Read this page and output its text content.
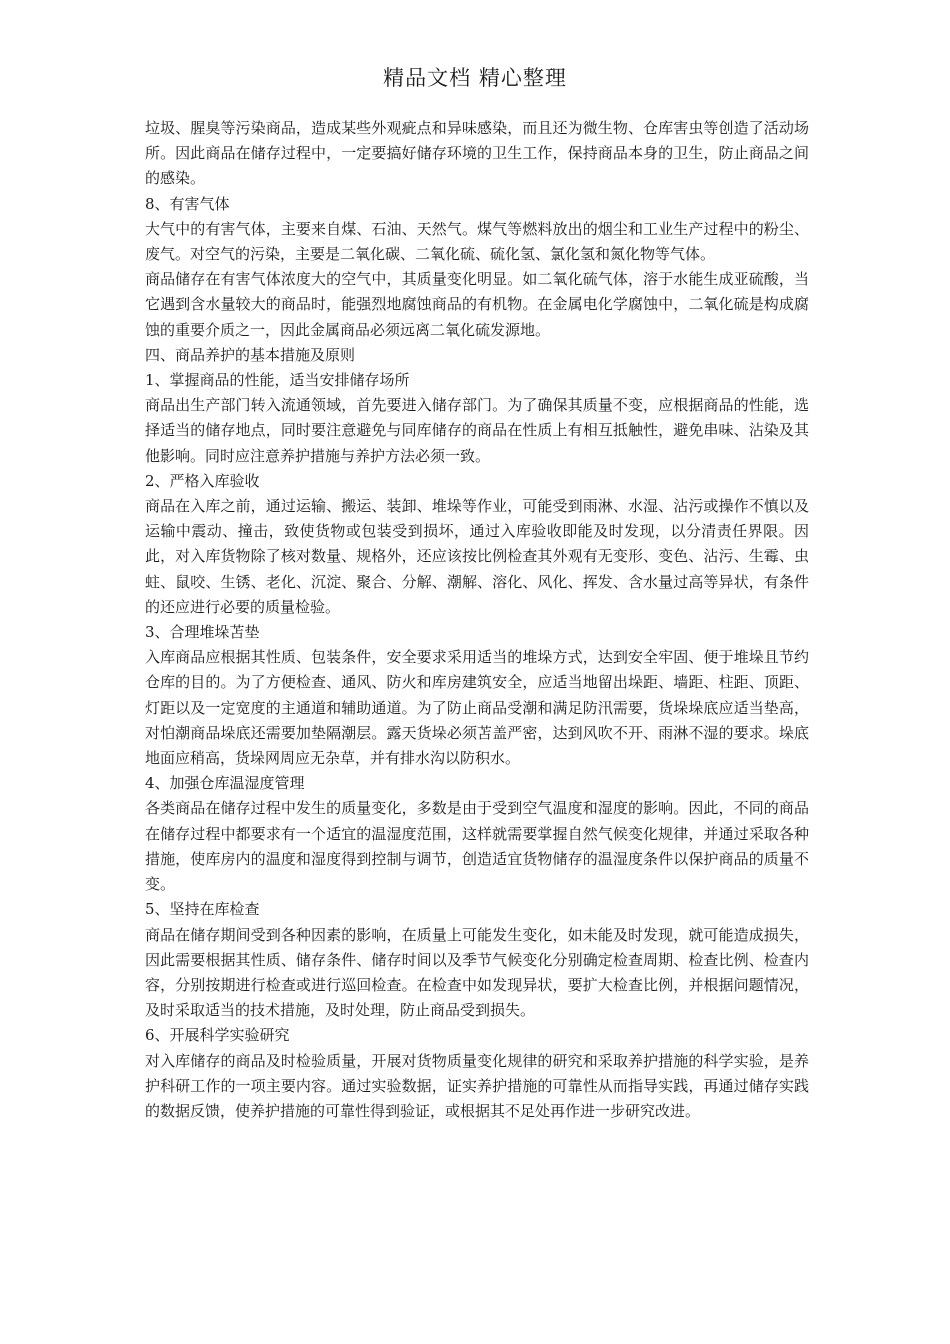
精品文档 精心整理

垃圾、腥臭等污染商品，造成某些外观疵点和异味感染，而且还为微生物、仓库害虫等创造了活动场所。因此商品在储存过程中，一定要搞好储存环境的卫生工作，保持商品本身的卫生，防止商品之间的感染。

8、有害气体

大气中的有害气体，主要来自煤、石油、天然气。煤气等燃料放出的烟尘和工业生产过程中的粉尘、废气。对空气的污染，主要是二氧化碳、二氧化硫、硫化氢、氯化氢和氮化物等气体。

商品储存在有害气体浓度大的空气中，其质量变化明显。如二氧化硫气体，溶于水能生成亚硫酸，当它遇到含水量较大的商品时，能强烈地腐蚀商品的有机物。在金属电化学腐蚀中，二氧化硫是构成腐蚀的重要介质之一，因此金属商品必须远离二氧化硫发源地。

四、商品养护的基本措施及原则

1、掌握商品的性能，适当安排储存场所

商品出生产部门转入流通领域，首先要进入储存部门。为了确保其质量不变，应根据商品的性能，选择适当的储存地点，同时要注意避免与同库储存的商品在性质上有相互抵触性，避免串味、沾染及其他影响。同时应注意养护措施与养护方法必须一致。

2、严格入库验收

商品在入库之前，通过运输、搬运、装卸、堆垛等作业，可能受到雨淋、水湿、沾污或操作不慎以及运输中震动、撞击，致使货物或包装受到损坏，通过入库验收即能及时发现，以分清责任界限。因此，对入库货物除了核对数量、规格外，还应该按比例检查其外观有无变形、变色、沾污、生霉、虫蛀、鼠咬、生锈、老化、沉淀、聚合、分解、潮解、溶化、风化、挥发、含水量过高等异状，有条件的还应进行必要的质量检验。

3、合理堆垛苫垫

入库商品应根据其性质、包装条件，安全要求采用适当的堆垛方式，达到安全牢固、便于堆垛且节约仓库的目的。为了方便检查、通风、防火和库房建筑安全，应适当地留出垛距、墙距、柱距、顶距、灯距以及一定宽度的主通道和辅助通道。为了防止商品受潮和满足防汛需要，货垛垛底应适当垫高，对怕潮商品垛底还需要加垫隔潮层。露天货垛必须苫盖严密，达到风吹不开、雨淋不湿的要求。垛底地面应稍高，货垛网周应无杂草，并有排水沟以防积水。

4、加强仓库温湿度管理

各类商品在储存过程中发生的质量变化，多数是由于受到空气温度和湿度的影响。因此，不同的商品在储存过程中都要求有一个适宜的温湿度范围，这样就需要掌握自然气候变化规律，并通过采取各种措施，使库房内的温度和湿度得到控制与调节，创造适宜货物储存的温湿度条件以保护商品的质量不变。

5、坚持在库检查

商品在储存期间受到各种因素的影响，在质量上可能发生变化，如未能及时发现，就可能造成损失，因此需要根据其性质、储存条件、储存时间以及季节气候变化分别确定检查周期、检查比例、检查内容，分别按期进行检查或进行巡回检查。在检查中如发现异状，要扩大检查比例，并根据问题情况，及时采取适当的技术措施，及时处理，防止商品受到损失。

6、开展科学实验研究

对入库储存的商品及时检验质量，开展对货物质量变化规律的研究和采取养护措施的科学实验，是养护科研工作的一项主要内容。通过实验数据，证实养护措施的可靠性从而指导实践，再通过储存实践的数据反馈，使养护措施的可靠性得到验证，或根据其不足处再作进一步研究改进。
